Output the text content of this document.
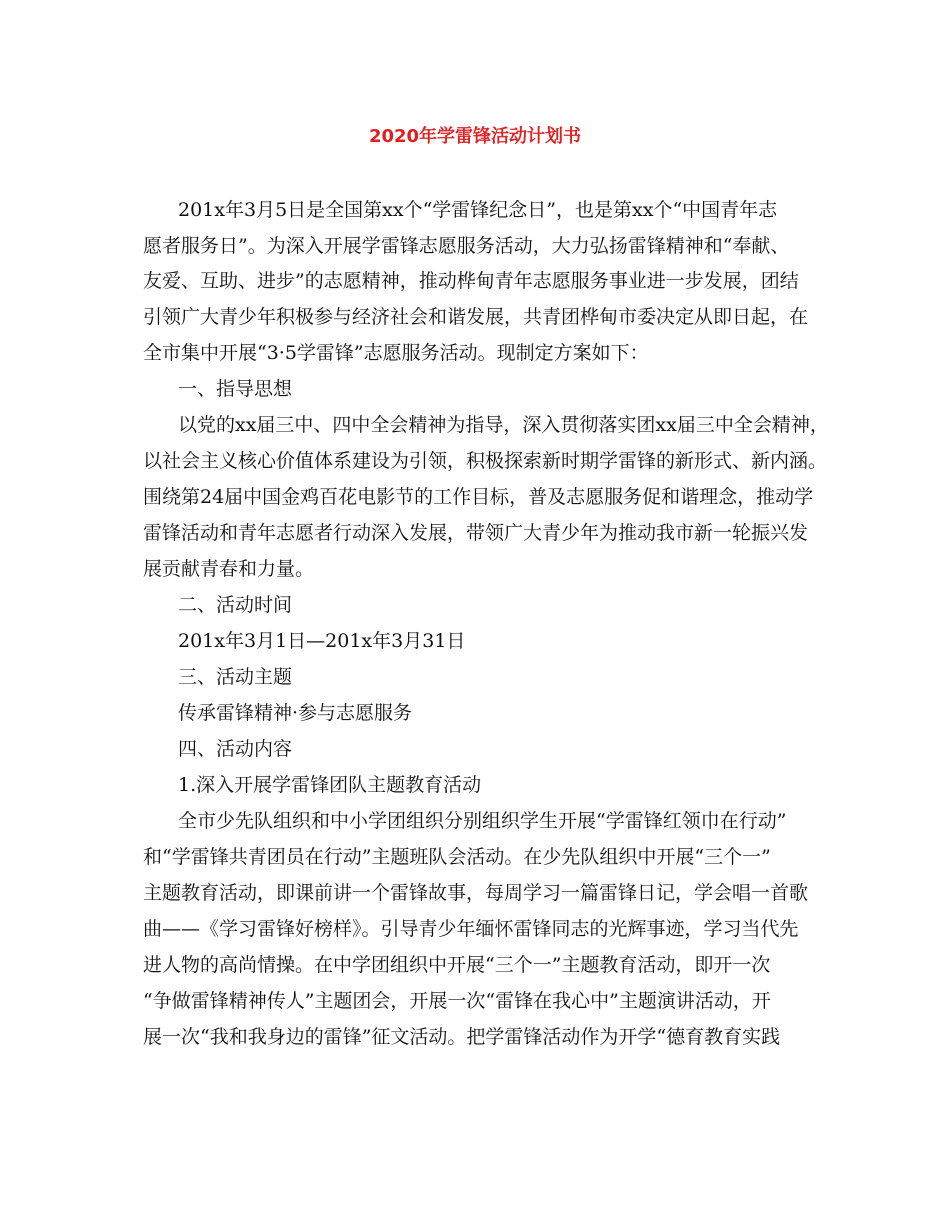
2020年学雷锋活动计划书
201x年3月5日是全国第xx个“学雷锋纪念日”，也是第xx个“中国青年志
愿者服务日”。为深入开展学雷锋志愿服务活动，大力弘扬雷锋精神和“奉献、
友爱、互助、进步”的志愿精神，推动桦甸青年志愿服务事业进一步发展，团结
引领广大青少年积极参与经济社会和谐发展，共青团桦甸市委决定从即日起，在
全市集中开展“3·5学雷锋”志愿服务活动。现制定方案如下：
一、指导思想
以党的xx届三中、四中全会精神为指导，深入贯彻落实团xx届三中全会精神，
以社会主义核心价值体系建设为引领，积极探索新时期学雷锋的新形式、新内涵。
围绕第24届中国金鸡百花电影节的工作目标，普及志愿服务促和谐理念，推动学
雷锋活动和青年志愿者行动深入发展，带领广大青少年为推动我市新一轮振兴发
展贡献青春和力量。
二、活动时间
201x年3月1日—201x年3月31日
三、活动主题
传承雷锋精神·参与志愿服务
四、活动内容
1.深入开展学雷锋团队主题教育活动
全市少先队组织和中小学团组织分别组织学生开展“学雷锋红领巾在行动”
和“学雷锋共青团员在行动”主题班队会活动。在少先队组织中开展“三个一”
主题教育活动，即课前讲一个雷锋故事，每周学习一篇雷锋日记，学会唱一首歌
曲——《学习雷锋好榜样》。引导青少年缅怀雷锋同志的光辉事迹，学习当代先
进人物的高尚情操。在中学团组织中开展“三个一”主题教育活动，即开一次
“争做雷锋精神传人”主题团会，开展一次“雷锋在我心中”主题演讲活动，开
展一次“我和我身边的雷锋”征文活动。把学雷锋活动作为开学“德育教育实践
